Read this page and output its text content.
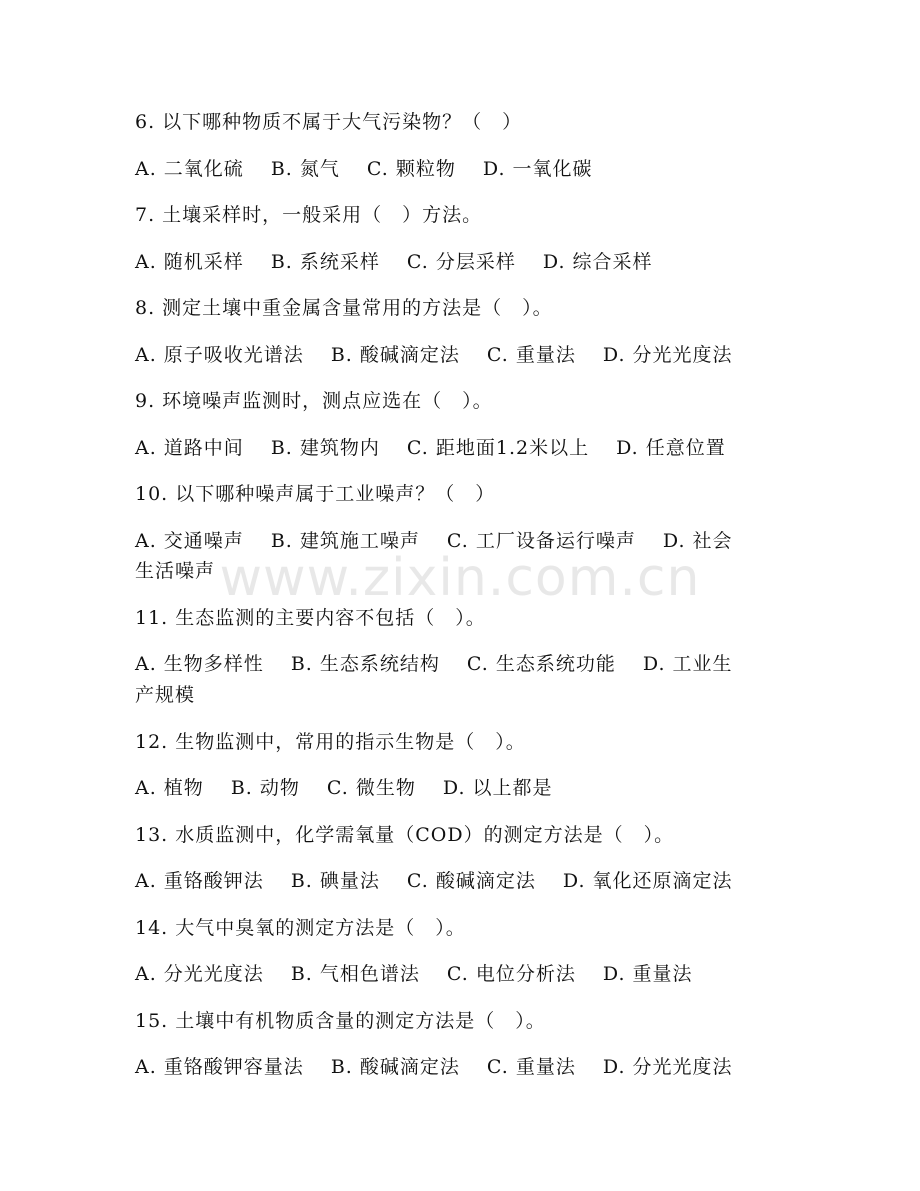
6. 以下哪种物质不属于大气污染物？（　）
A. 二氧化硫　 B. 氮气　 C. 颗粒物　 D. 一氧化碳
7. 土壤采样时，一般采用（　）方法。
A. 随机采样　 B. 系统采样　 C. 分层采样　 D. 综合采样
8. 测定土壤中重金属含量常用的方法是（　）。
A. 原子吸收光谱法　 B. 酸碱滴定法　 C. 重量法　 D. 分光光度法
9. 环境噪声监测时，测点应选在（　）。
A. 道路中间　 B. 建筑物内　 C. 距地面1.2米以上　 D. 任意位置
10. 以下哪种噪声属于工业噪声？（　）
A. 交通噪声　 B. 建筑施工噪声　 C. 工厂设备运行噪声　 D. 社会
生活噪声
11. 生态监测的主要内容不包括（　）。
A. 生物多样性　 B. 生态系统结构　 C. 生态系统功能　 D. 工业生
产规模
12. 生物监测中，常用的指示生物是（　）。
A. 植物　 B. 动物　 C. 微生物　 D. 以上都是
13. 水质监测中，化学需氧量（COD）的测定方法是（　）。
A. 重铬酸钾法　 B. 碘量法　 C. 酸碱滴定法　 D. 氧化还原滴定法
14. 大气中臭氧的测定方法是（　）。
A. 分光光度法　 B. 气相色谱法　 C. 电位分析法　 D. 重量法
15. 土壤中有机物质含量的测定方法是（　）。
A. 重铬酸钾容量法　 B. 酸碱滴定法　 C. 重量法　 D. 分光光度法
www.zixin.com.cn
